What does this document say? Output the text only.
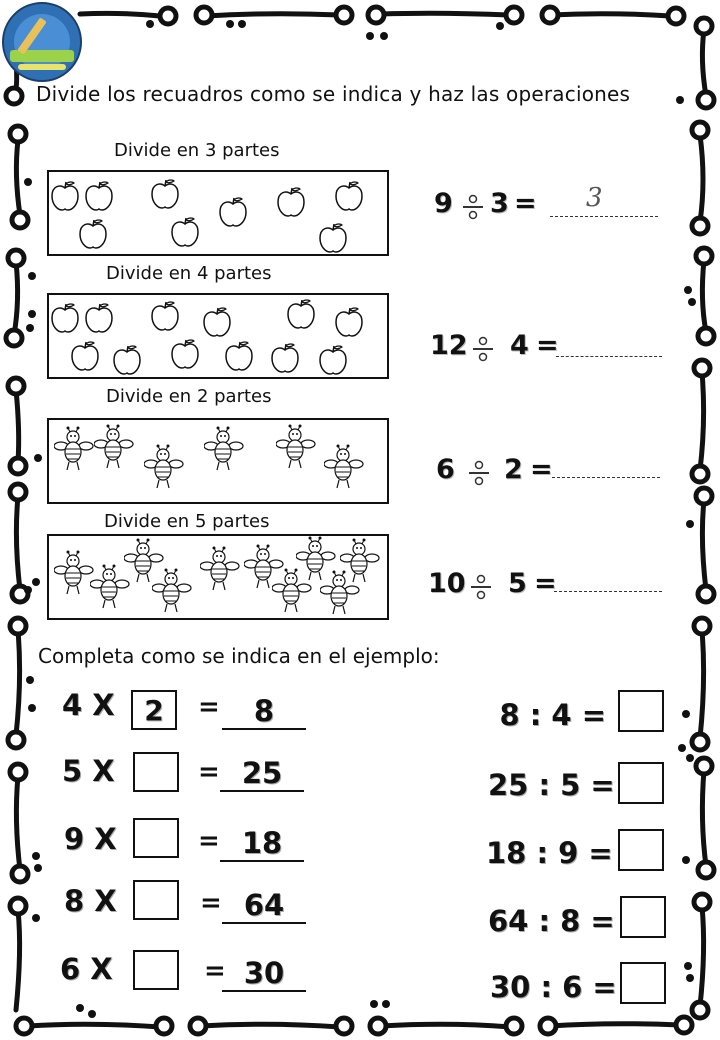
Divide los recuadros como se indica y haz las operaciones
Divide en 3 partes
9 3 = 3
Divide en 4 partes
12 4 =
Divide en 2 partes
6 2 =
Divide en 5 partes
10 5 =
Completa como se indica en el ejemplo:
4 X	2	=	8
5 X	= 25
9 X	= 18
8 X	= 64
6 X	= 30
8 : 4 =
25 : 5 =
18 : 9 =
64 : 8 =
30 : 6 =
